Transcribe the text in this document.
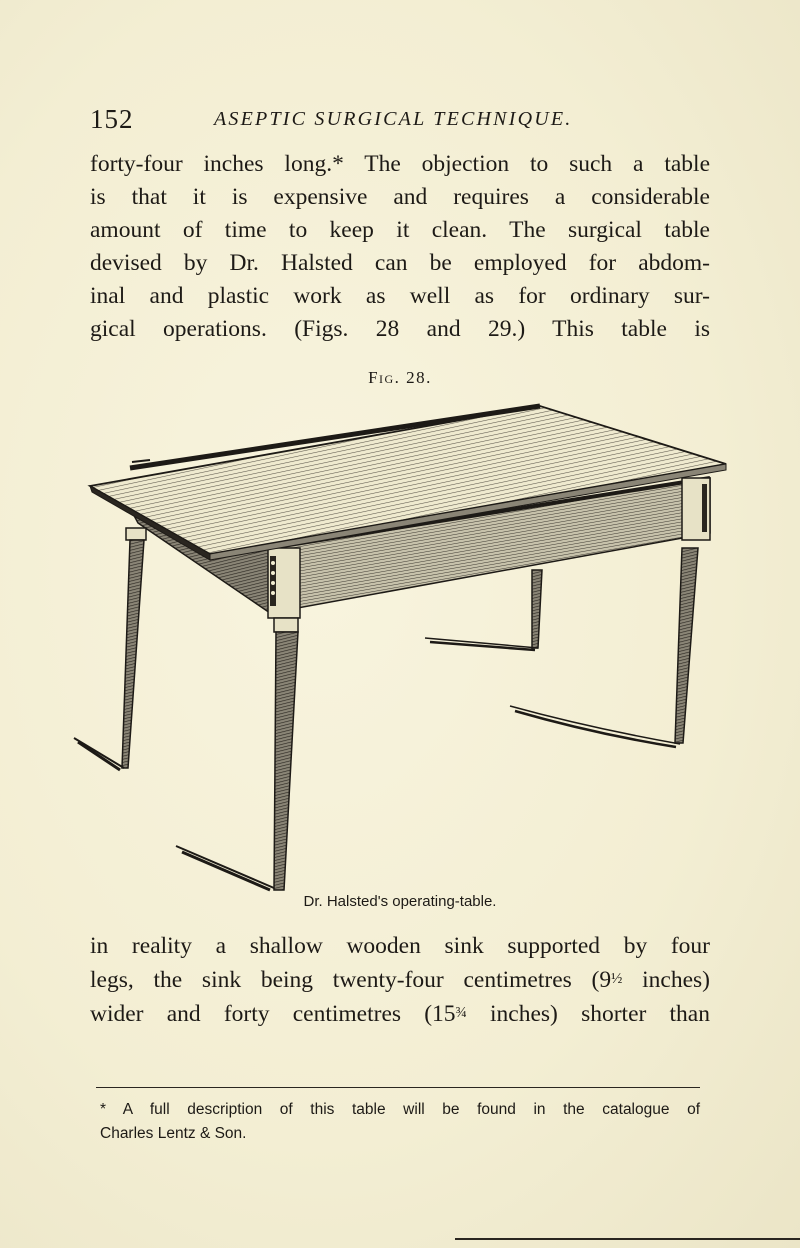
152	ASEPTIC SURGICAL TECHNIQUE.
forty-four inches long.* The objection to such a table
is that it is expensive and requires a considerable
amount of time to keep it clean. The surgical table
devised by Dr. Halsted can be employed for abdom-
inal and plastic work as well as for ordinary sur-
gical operations. (Figs. 28 and 29.) This table is
Fig. 28.
Dr. Halsted's operating-table.
in reality a shallow wooden sink supported by four
legs, the sink being twenty-four centimetres (9½ inches)
wider and forty centimetres (15¾ inches) shorter than
* A full description of this table will be found in the catalogue of
Charles Lentz & Son.
